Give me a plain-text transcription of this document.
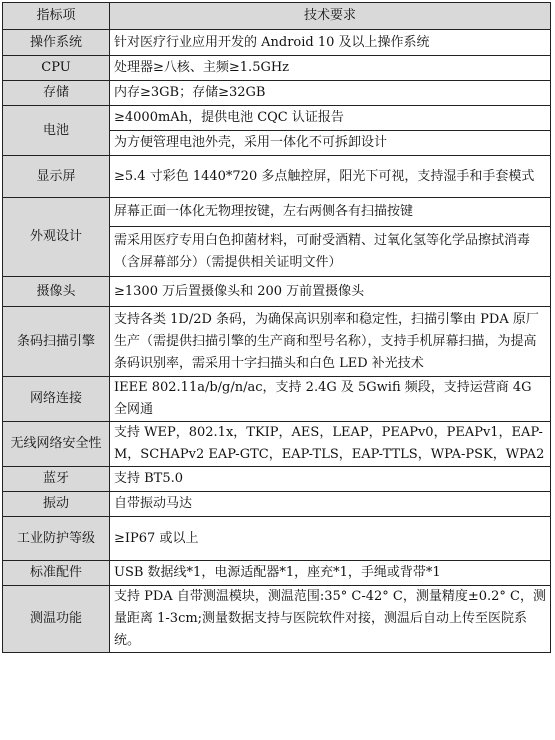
指标项	技术要求
操作系统	针对医疗行业应用开发的 Android 10 及以上操作系统
CPU	处理器≥八核、主频≥1.5GHz
存储	内存≥3GB；存储≥32GB
电池	≥4000mAh，提供电池 CQC 认证报告
	为方便管理电池外壳，采用一体化不可拆卸设计
显示屏	≥5.4 寸彩色 1440*720 多点触控屏，阳光下可视，支持湿手和手套模式
外观设计	屏幕正面一体化无物理按键，左右两侧各有扫描按键
	需采用医疗专用白色抑菌材料，可耐受酒精、过氧化氢等化学品擦拭消毒（含屏幕部分）（需提供相关证明文件）
摄像头	≥1300 万后置摄像头和 200 万前置摄像头
条码扫描引擎	支持各类 1D/2D 条码，为确保高识别率和稳定性，扫描引擎由 PDA 原厂生产（需提供扫描引擎的生产商和型号名称），支持手机屏幕扫描，为提高条码识别率，需采用十字扫描头和白色 LED 补光技术
网络连接	IEEE 802.11a/b/g/n/ac，支持 2.4G 及 5Gwifi 频段，支持运营商 4G 全网通
无线网络安全性	支持 WEP，802.1x，TKIP，AES，LEAP，PEAPv0，PEAPv1，EAP-M，SCHAPv2 EAP-GTC，EAP-TLS，EAP-TTLS，WPA-PSK，WPA2
蓝牙	支持 BT5.0
振动	自带振动马达
工业防护等级	≥IP67 或以上
标准配件	USB 数据线*1，电源适配器*1，座充*1，手绳或背带*1
测温功能	支持 PDA 自带测温模块，测温范围:35° C-42° C，测量精度±0.2° C，测量距离 1-3cm;测量数据支持与医院软件对接，测温后自动上传至医院系统。
